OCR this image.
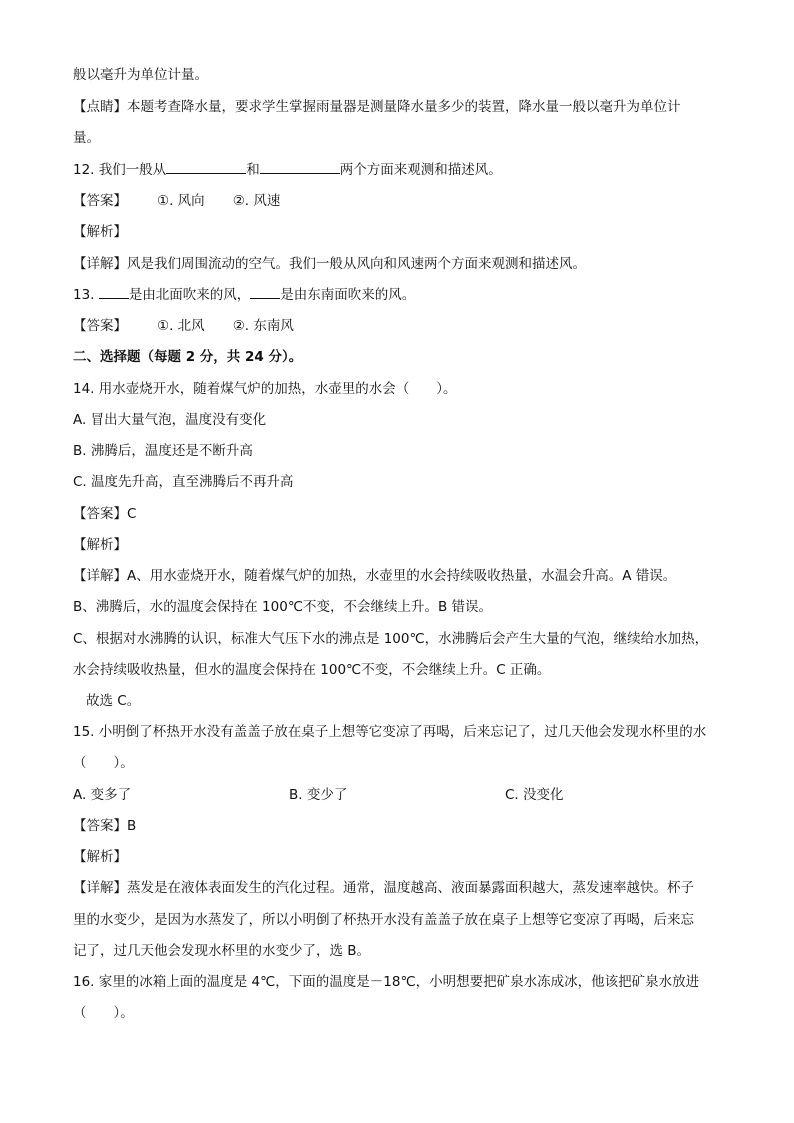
般以毫升为单位计量。
【点睛】本题考查降水量，要求学生掌握雨量器是测量降水量多少的装置，降水量一般以毫升为单位计
量。
12. 我们一般从	和	两个方面来观测和描述风。
【答案】 ①. 风向 ②. 风速
【解析】
【详解】风是我们周围流动的空气。我们一般从风向和风速两个方面来观测和描述风。
13. 是由北面吹来的风， 是由东南面吹来的风。
【答案】 ①. 北风 ②. 东南风
二、选择题（每题 2 分，共 24 分）。
14. 用水壶烧开水，随着煤气炉的加热，水壶里的水会（　　）。
A. 冒出大量气泡，温度没有变化
B. 沸腾后，温度还是不断升高
C. 温度先升高，直至沸腾后不再升高
【答案】C
【解析】
【详解】A、用水壶烧开水，随着煤气炉的加热，水壶里的水会持续吸收热量，水温会升高。A 错误。
B、沸腾后，水的温度会保持在 100℃不变，不会继续上升。B 错误。
C、根据对水沸腾的认识，标准大气压下水的沸点是 100℃，水沸腾后会产生大量的气泡，继续给水加热，
水会持续吸收热量，但水的温度会保持在 100℃不变，不会继续上升。C 正确。
故选 C。
15. 小明倒了杯热开水没有盖盖子放在桌子上想等它变凉了再喝，后来忘记了，过几天他会发现水杯里的水
（　　）。
A. 变多了	B. 变少了	C. 没变化
【答案】B
【解析】
【详解】蒸发是在液体表面发生的汽化过程。通常，温度越高、液面暴露面积越大，蒸发速率越快。杯子
里的水变少，是因为水蒸发了，所以小明倒了杯热开水没有盖盖子放在桌子上想等它变凉了再喝，后来忘
记了，过几天他会发现水杯里的水变少了，选 B。
16. 家里的冰箱上面的温度是 4℃，下面的温度是－18℃，小明想要把矿泉水冻成冰，他该把矿泉水放进
（　　）。
